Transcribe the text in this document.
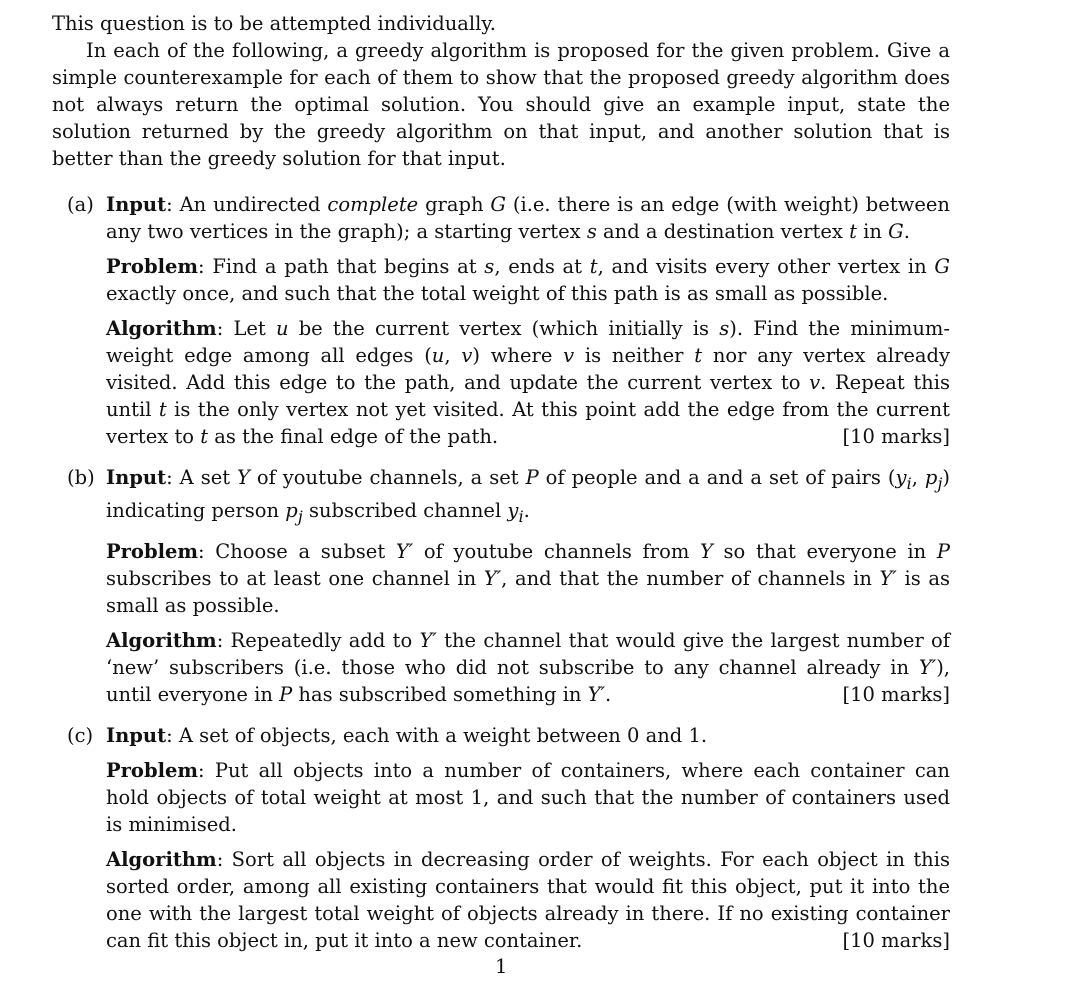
This question is to be attempted individually.

In each of the following, a greedy algorithm is proposed for the given problem. Give a simple counterexample for each of them to show that the proposed greedy algorithm does not always return the optimal solution. You should give an example input, state the solution returned by the greedy algorithm on that input, and another solution that is better than the greedy solution for that input.

(a) Input: An undirected complete graph G (i.e. there is an edge (with weight) between any two vertices in the graph); a starting vertex s and a destination vertex t in G.

Problem: Find a path that begins at s, ends at t, and visits every other vertex in G exactly once, and such that the total weight of this path is as small as possible.

Algorithm: Let u be the current vertex (which initially is s). Find the minimum-weight edge among all edges (u, v) where v is neither t nor any vertex already visited. Add this edge to the path, and update the current vertex to v. Repeat this until t is the only vertex not yet visited. At this point add the edge from the current vertex to t as the final edge of the path.	[10 marks]

(b) Input: A set Y of youtube channels, a set P of people and a and a set of pairs ($y_i$, $p_j$) indicating person $p_j$ subscribed channel $y_i$.

Problem: Choose a subset Y′ of youtube channels from Y so that everyone in P subscribes to at least one channel in Y′, and that the number of channels in Y′ is as small as possible.

Algorithm: Repeatedly add to Y′ the channel that would give the largest number of ‘new’ subscribers (i.e. those who did not subscribe to any channel already in Y′), until everyone in P has subscribed something in Y′.	[10 marks]

(c) Input: A set of objects, each with a weight between 0 and 1.

Problem: Put all objects into a number of containers, where each container can hold objects of total weight at most 1, and such that the number of containers used is minimised.

Algorithm: Sort all objects in decreasing order of weights. For each object in this sorted order, among all existing containers that would fit this object, put it into the one with the largest total weight of objects already in there. If no existing container can fit this object in, put it into a new container.	[10 marks]

1
